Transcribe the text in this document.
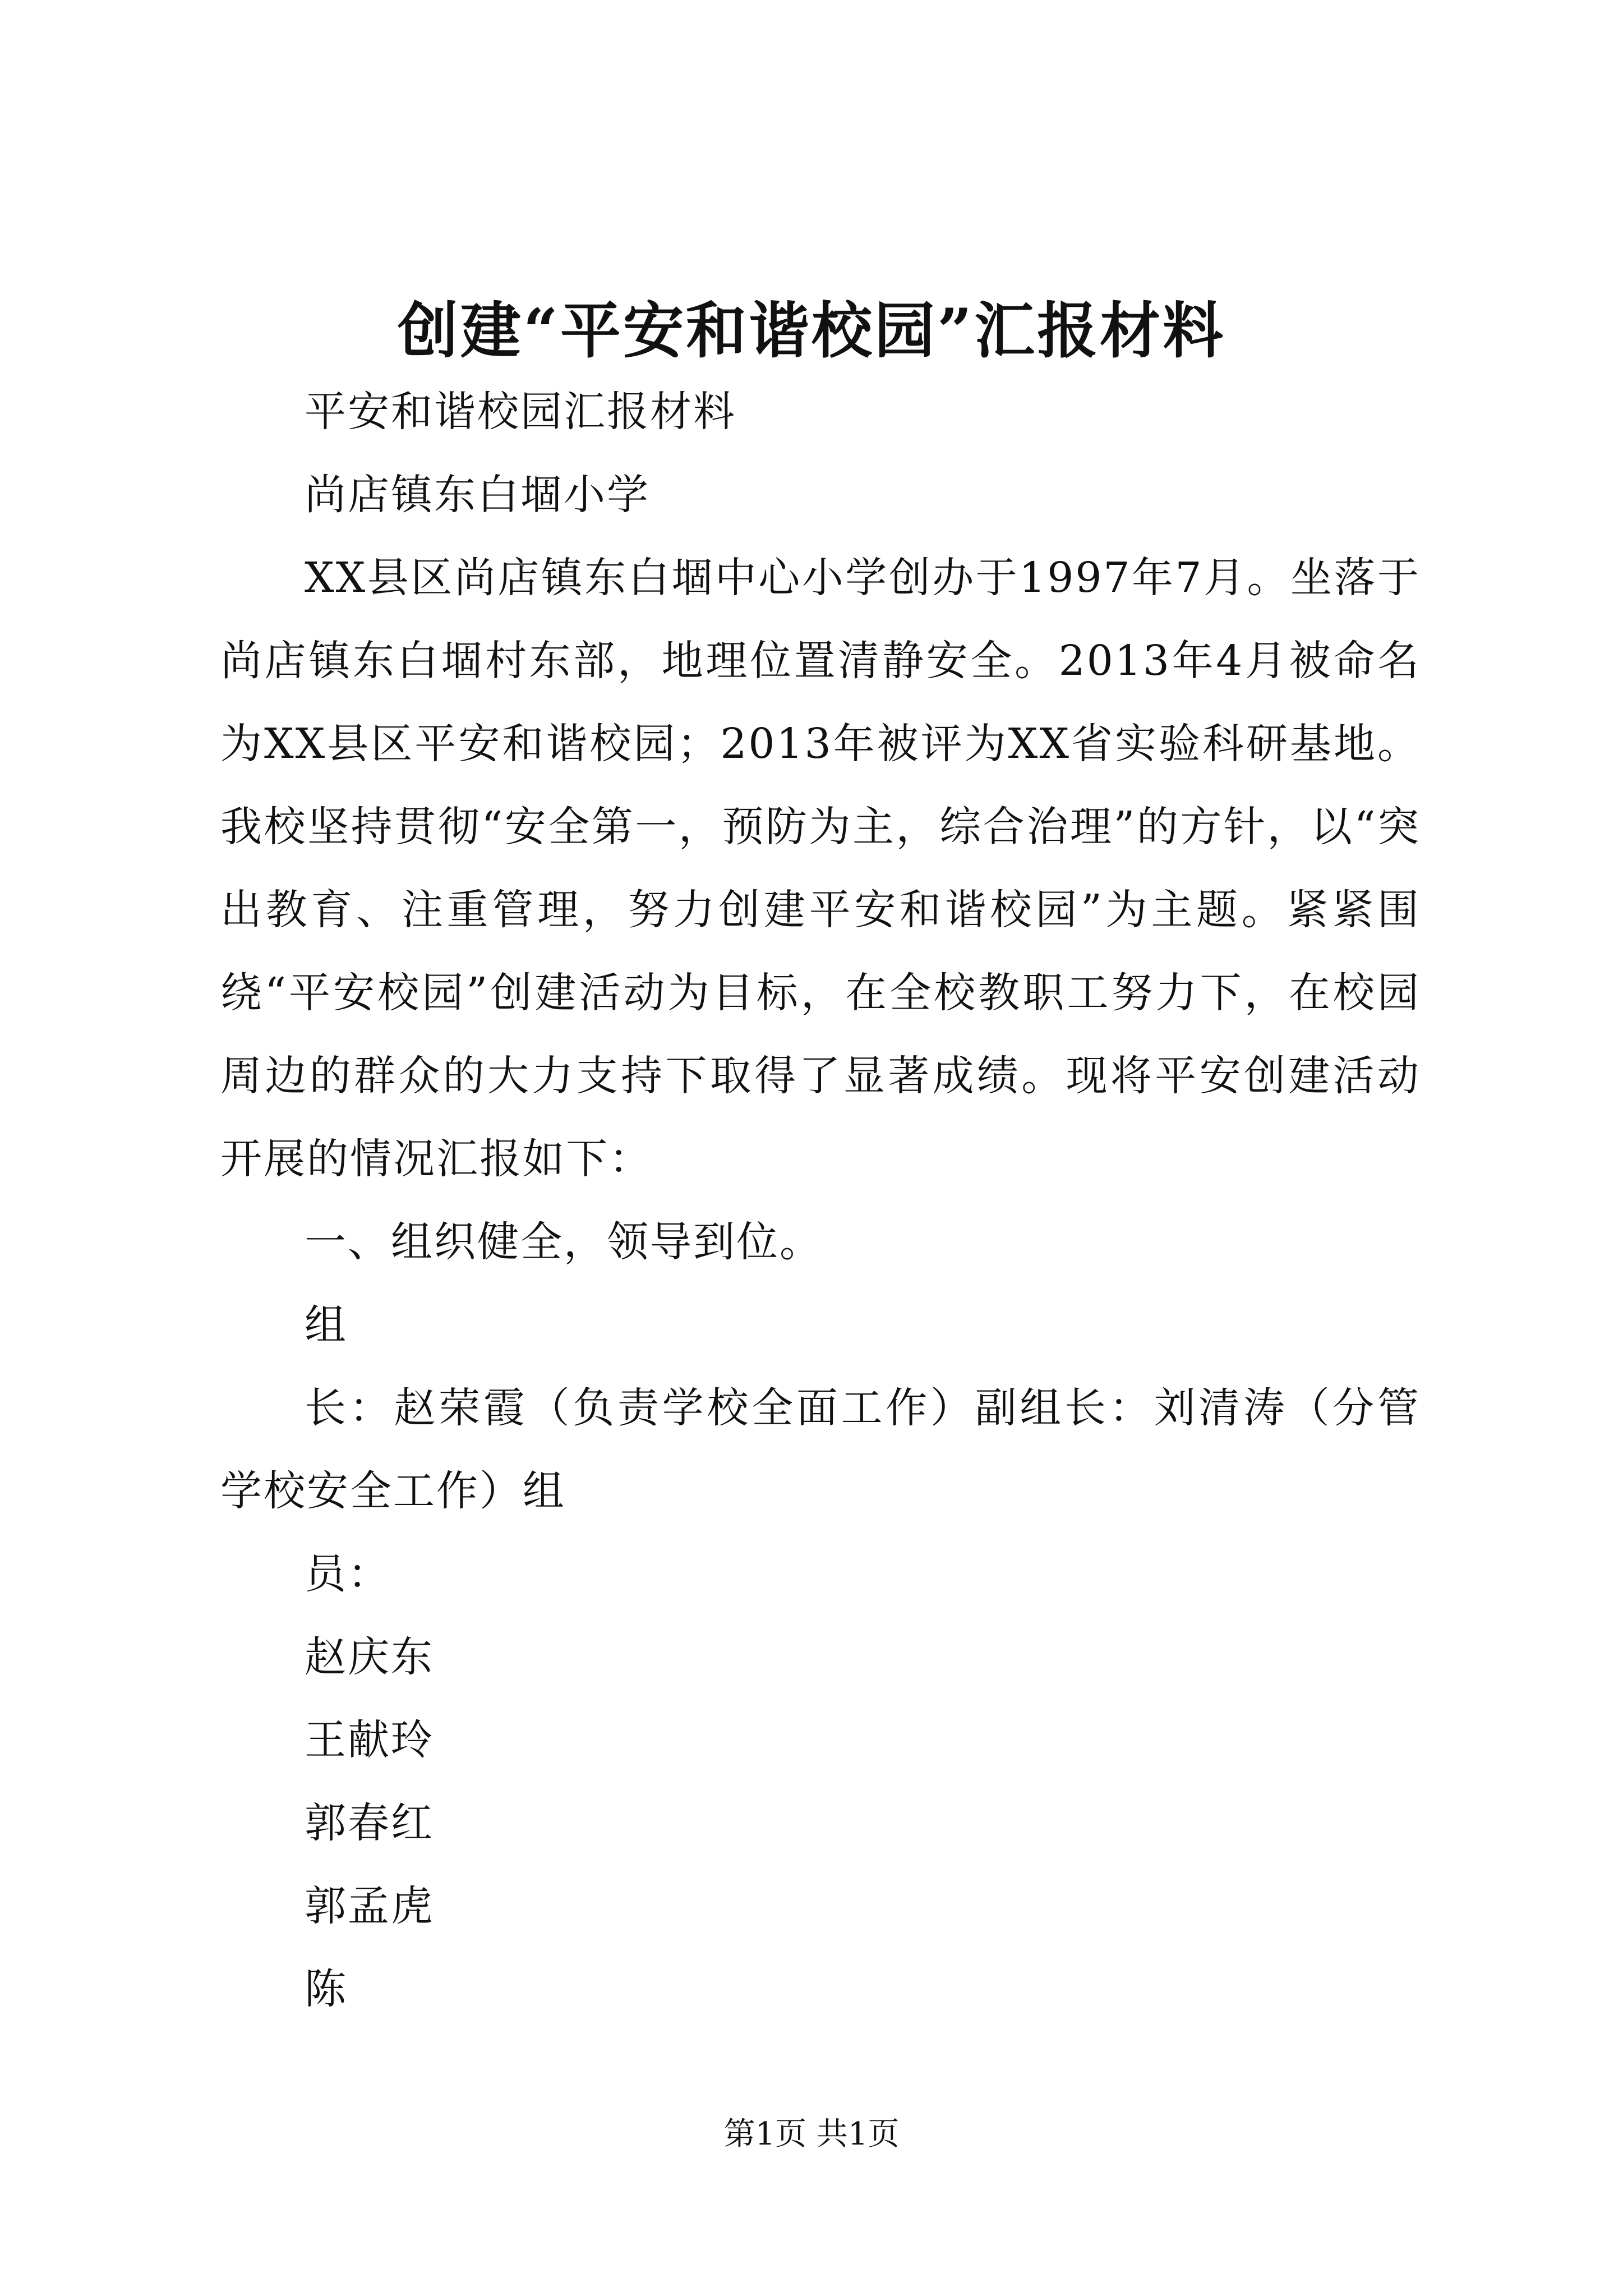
创建“平安和谐校园”汇报材料

平安和谐校园汇报材料

尚店镇东白堌小学

XX县区尚店镇东白堌中心小学创办于1997年7月。坐落于尚店镇东白堌村东部，地理位置清静安全。2013年4月被命名为XX县区平安和谐校园；2013年被评为XX省实验科研基地。我校坚持贯彻“安全第一，预防为主，综合治理”的方针，以“突出教育、注重管理，努力创建平安和谐校园”为主题。紧紧围绕“平安校园”创建活动为目标，在全校教职工努力下，在校园周边的群众的大力支持下取得了显著成绩。现将平安创建活动开展的情况汇报如下：

一、组织健全，领导到位。

组

长：赵荣霞（负责学校全面工作）副组长：刘清涛（分管学校安全工作）组

员：

赵庆东

王献玲

郭春红

郭孟虎

陈

第1页 共1页
